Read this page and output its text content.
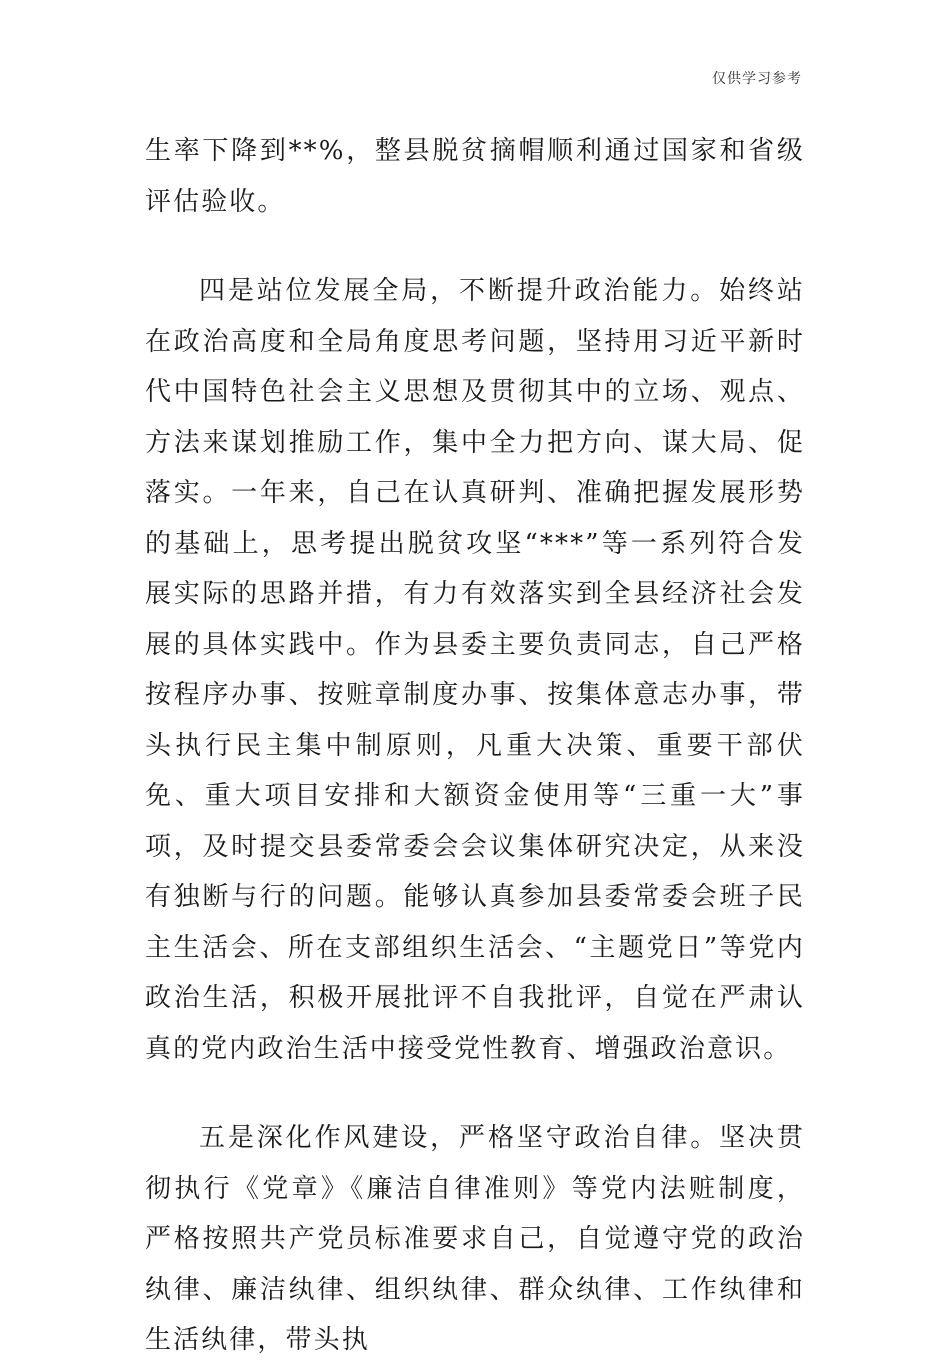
仅供学习参考

生率下降到**%，整县脱贫摘帽顺利通过国家和省级评估验收。

四是站位发展全局，不断提升政治能力。始终站在政治高度和全局角度思考问题，坚持用习近平新时代中国特色社会主义思想及贯彻其中的立场、观点、方法来谋划推励工作，集中全力把方向、谋大局、促落实。一年来，自己在认真研判、准确把握发展形势的基础上，思考提出脱贫攻坚“***”等一系列符合发展实际的思路并措，有力有效落实到全县经济社会发展的具体实践中。作为县委主要负责同志，自己严格按程序办事、按赃章制度办事、按集体意志办事，带头执行民主集中制原则，凡重大决策、重要干部伏免、重大项目安排和大额资金使用等“三重一大”事项，及时提交县委常委会会议集体研究决定，从来没有独断与行的问题。能够认真参加县委常委会班子民主生活会、所在支部组织生活会、“主题党日”等党内政治生活，积极开展批评不自我批评，自觉在严肃认真的党内政治生活中接受党性教育、增强政治意识。

五是深化作风建设，严格坚守政治自律。坚决贯彻执行《党章》《廉洁自律准则》等党内法赃制度，严格按照共产党员标准要求自己，自觉遵守党的政治纨律、廉洁纨律、组织纨律、群众纨律、工作纨律和生活纨律，带头执
